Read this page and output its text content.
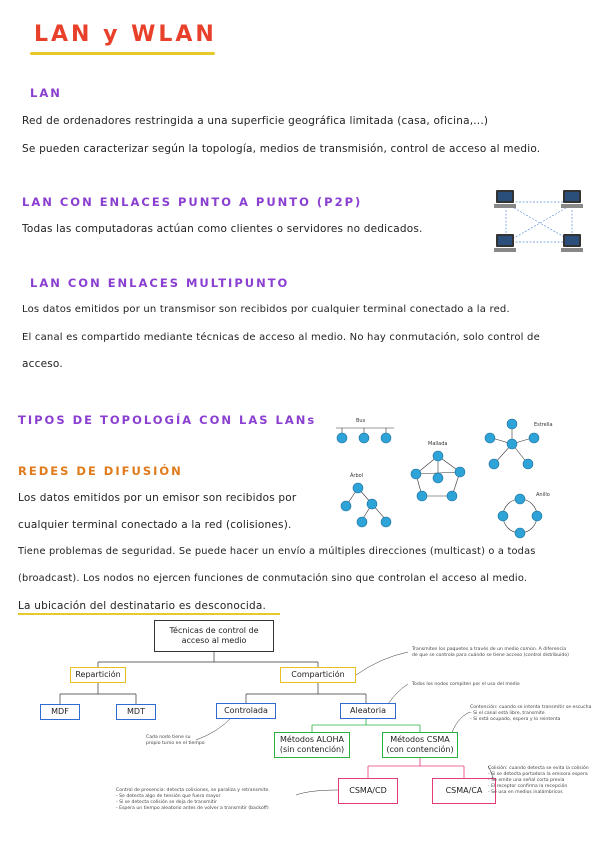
LAN y WLAN
LAN
Red de ordenadores restringida a una superficie geográfica limitada (casa, oficina,...)
Se pueden caracterizar según la topología, medios de transmisión, control de acceso al medio.
LAN CON ENLACES PUNTO A PUNTO (P2P)
Todas las computadoras actúan como clientes o servidores no dedicados.
LAN CON ENLACES MULTIPUNTO
Los datos emitidos por un transmisor son recibidos por cualquier terminal conectado a la red.
El canal es compartido mediante técnicas de acceso al medio. No hay conmutación, solo control de
acceso.
TIPOS DE TOPOLOGÍA CON LAS LANs	Bus
Estrella
Mallada
Árbol
Anillo
REDES DE DIFUSIÓN
Los datos emitidos por un emisor son recibidos por
cualquier terminal conectado a la red (colisiones).
Tiene problemas de seguridad. Se puede hacer un envío a múltiples direcciones (multicast) o a todas
(broadcast). Los nodos no ejercen funciones de conmutación sino que controlan el acceso al medio.
La ubicación del destinatario es desconocida.
Técnicas de control de acceso al medio
Repartición	Compartición
MDF	MDT	Controlada	Aleatoria
Métodos ALOHA (sin contención)
Métodos CSMA (con contención)
CSMA/CD	CSMA/CA
Transmiten los paquetes a través de un medio común. A diferencia
de que se controla para cuándo se tiene acceso (control distribuido)
Todos los nodos compiten por el uso del medio
Contención: cuando se intenta transmitir se escucha
- Si el canal está libre, transmite
- Si está ocupado, espera y lo reintenta
Cada nodo tiene su
propio turno en el tiempo
Control de presencia: detecta colisiones, se paraliza y retransmite.
- Se detecta algo de tensión que fuera mayor
- Si se detecta colisión se deja de transmitir
- Espera un tiempo aleatorio antes de volver a transmitir (backoff)
Colisión: cuando detecta se evita la colisión
- Si se detecta portadora la emisora espera
- Se emite una señal corta previa
- El receptor confirma la recepción
- Se usa en medios inalámbricos
